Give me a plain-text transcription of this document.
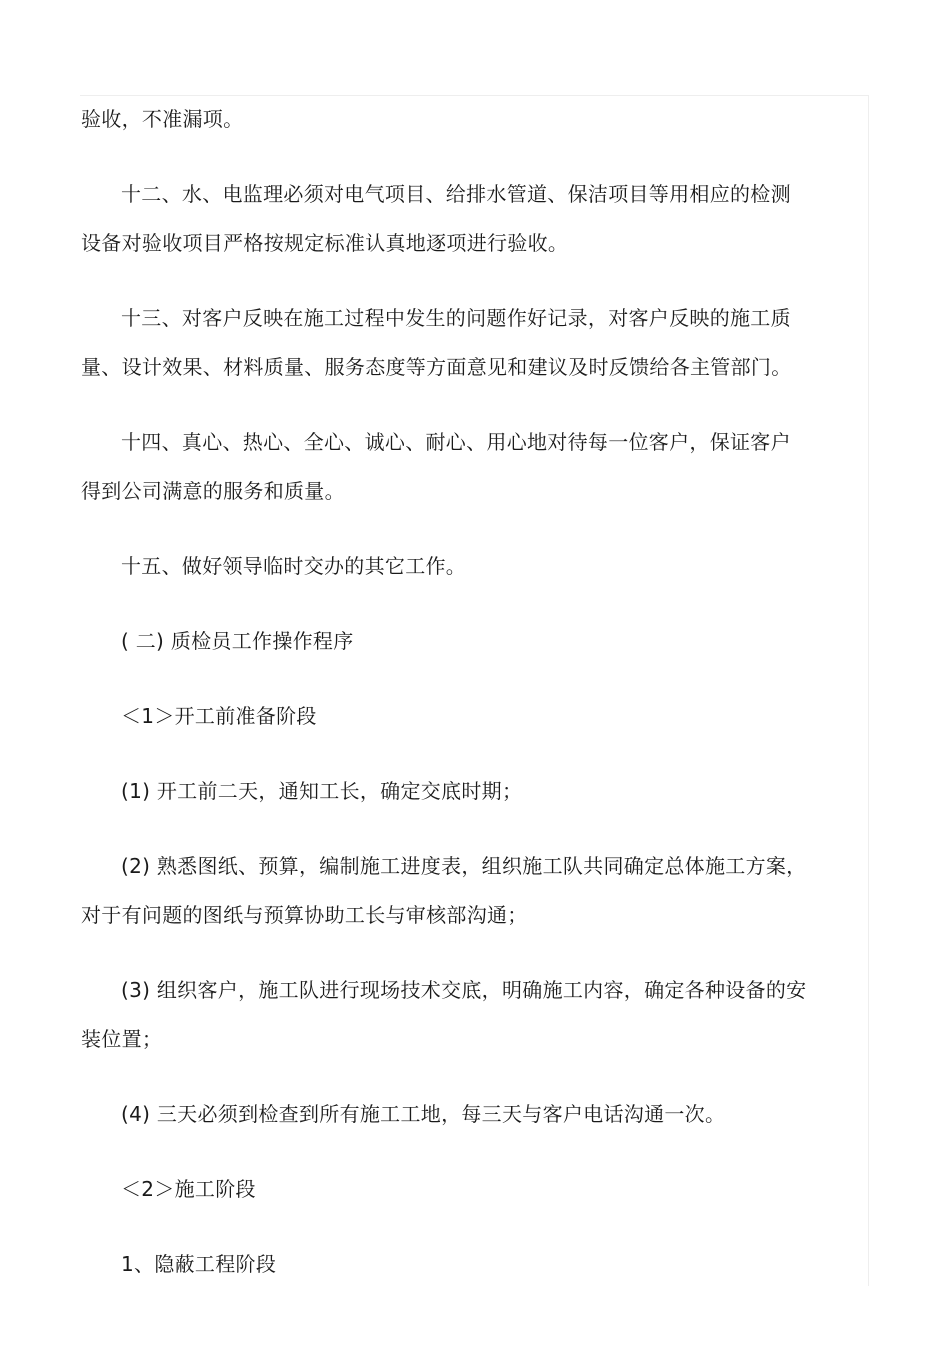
验收，不准漏项。
十二、水、电监理必须对电气项目、给排水管道、保洁项目等用相应的检测
设备对验收项目严格按规定标准认真地逐项进行验收。
十三、对客户反映在施工过程中发生的问题作好记录，对客户反映的施工质
量、设计效果、材料质量、服务态度等方面意见和建议及时反馈给各主管部门。
十四、真心、热心、全心、诚心、耐心、用心地对待每一位客户，保证客户
得到公司满意的服务和质量。
十五、做好领导临时交办的其它工作。
( 二) 质检员工作操作程序
＜1＞开工前准备阶段
(1) 开工前二天，通知工长，确定交底时期；
(2) 熟悉图纸、预算，编制施工进度表，组织施工队共同确定总体施工方案，
对于有问题的图纸与预算协助工长与审核部沟通；
(3) 组织客户，施工队进行现场技术交底，明确施工内容，确定各种设备的安
装位置；
(4) 三天必须到检查到所有施工工地，每三天与客户电话沟通一次。
＜2＞施工阶段
1、隐蔽工程阶段
